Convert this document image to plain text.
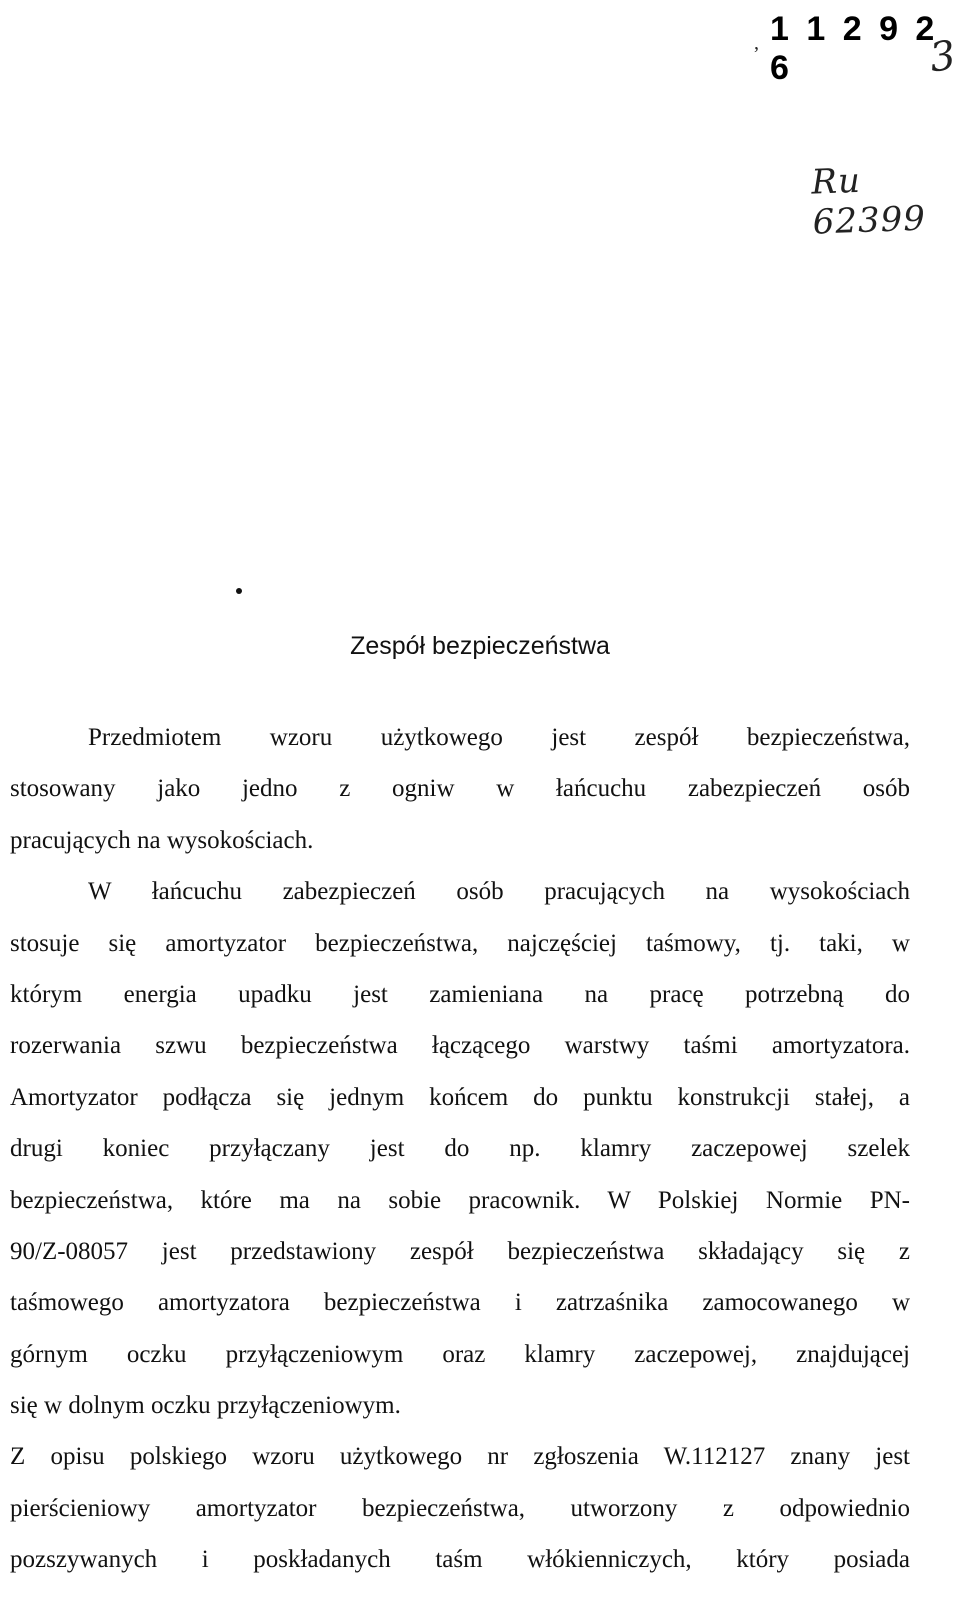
1 1 2 9 2 6
,	3
Ru 62399
Zespół bezpieczeństwa
Przedmiotem wzoru użytkowego jest zespół bezpieczeństwa,
stosowany jako jedno z ogniw w łańcuchu zabezpieczeń osób
pracujących na wysokościach.
W łańcuchu zabezpieczeń osób pracujących na wysokościach
stosuje się amortyzator bezpieczeństwa, najczęściej taśmowy, tj. taki, w
którym energia upadku jest zamieniana na pracę potrzebną do
rozerwania szwu bezpieczeństwa łączącego warstwy taśmi amortyzatora.
Amortyzator podłącza się jednym końcem do punktu konstrukcji stałej, a
drugi koniec przyłączany jest do np. klamry zaczepowej szelek
bezpieczeństwa, które ma na sobie pracownik. W Polskiej Normie PN-
90/Z-08057 jest przedstawiony zespół bezpieczeństwa składający się z
taśmowego amortyzatora bezpieczeństwa i zatrzaśnika zamocowanego w
górnym oczku przyłączeniowym oraz klamry zaczepowej, znajdującej
się w dolnym oczku przyłączeniowym.
Z opisu polskiego wzoru użytkowego nr zgłoszenia W.112127 znany jest
pierścieniowy amortyzator bezpieczeństwa, utworzony z odpowiednio
pozszywanych i poskładanych taśm włókienniczych, który posiada
